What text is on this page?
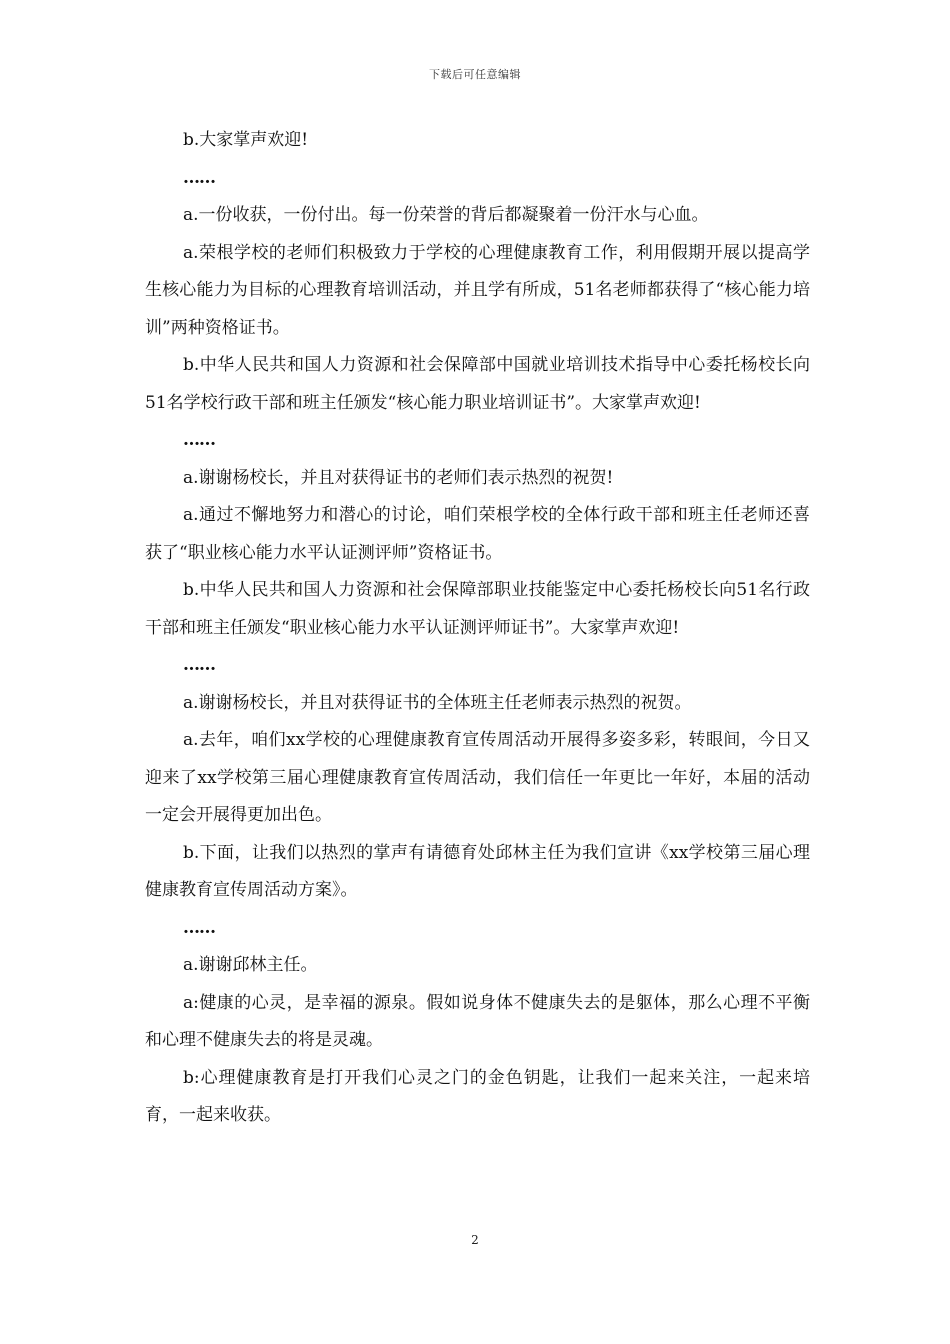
下载后可任意编辑

b.大家掌声欢迎!

……

a.一份收获，一份付出。每一份荣誉的背后都凝聚着一份汗水与心血。

a.荣根学校的老师们积极致力于学校的心理健康教育工作，利用假期开展以提高学生核心能力为目标的心理教育培训活动，并且学有所成，51名老师都获得了“核心能力培训”两种资格证书。

b.中华人民共和国人力资源和社会保障部中国就业培训技术指导中心委托杨校长向51名学校行政干部和班主任颁发“核心能力职业培训证书”。大家掌声欢迎!

……

a.谢谢杨校长，并且对获得证书的老师们表示热烈的祝贺!

a.通过不懈地努力和潜心的讨论，咱们荣根学校的全体行政干部和班主任老师还喜获了“职业核心能力水平认证测评师”资格证书。

b.中华人民共和国人力资源和社会保障部职业技能鉴定中心委托杨校长向51名行政干部和班主任颁发“职业核心能力水平认证测评师证书”。大家掌声欢迎!

……

a.谢谢杨校长，并且对获得证书的全体班主任老师表示热烈的祝贺。

a.去年，咱们xx学校的心理健康教育宣传周活动开展得多姿多彩，转眼间，今日又迎来了xx学校第三届心理健康教育宣传周活动，我们信任一年更比一年好，本届的活动一定会开展得更加出色。

b.下面，让我们以热烈的掌声有请德育处邱林主任为我们宣讲《xx学校第三届心理健康教育宣传周活动方案》。

……

a.谢谢邱林主任。

a:健康的心灵，是幸福的源泉。假如说身体不健康失去的是躯体，那么心理不平衡和心理不健康失去的将是灵魂。

b:心理健康教育是打开我们心灵之门的金色钥匙，让我们一起来关注，一起来培育，一起来收获。

2
